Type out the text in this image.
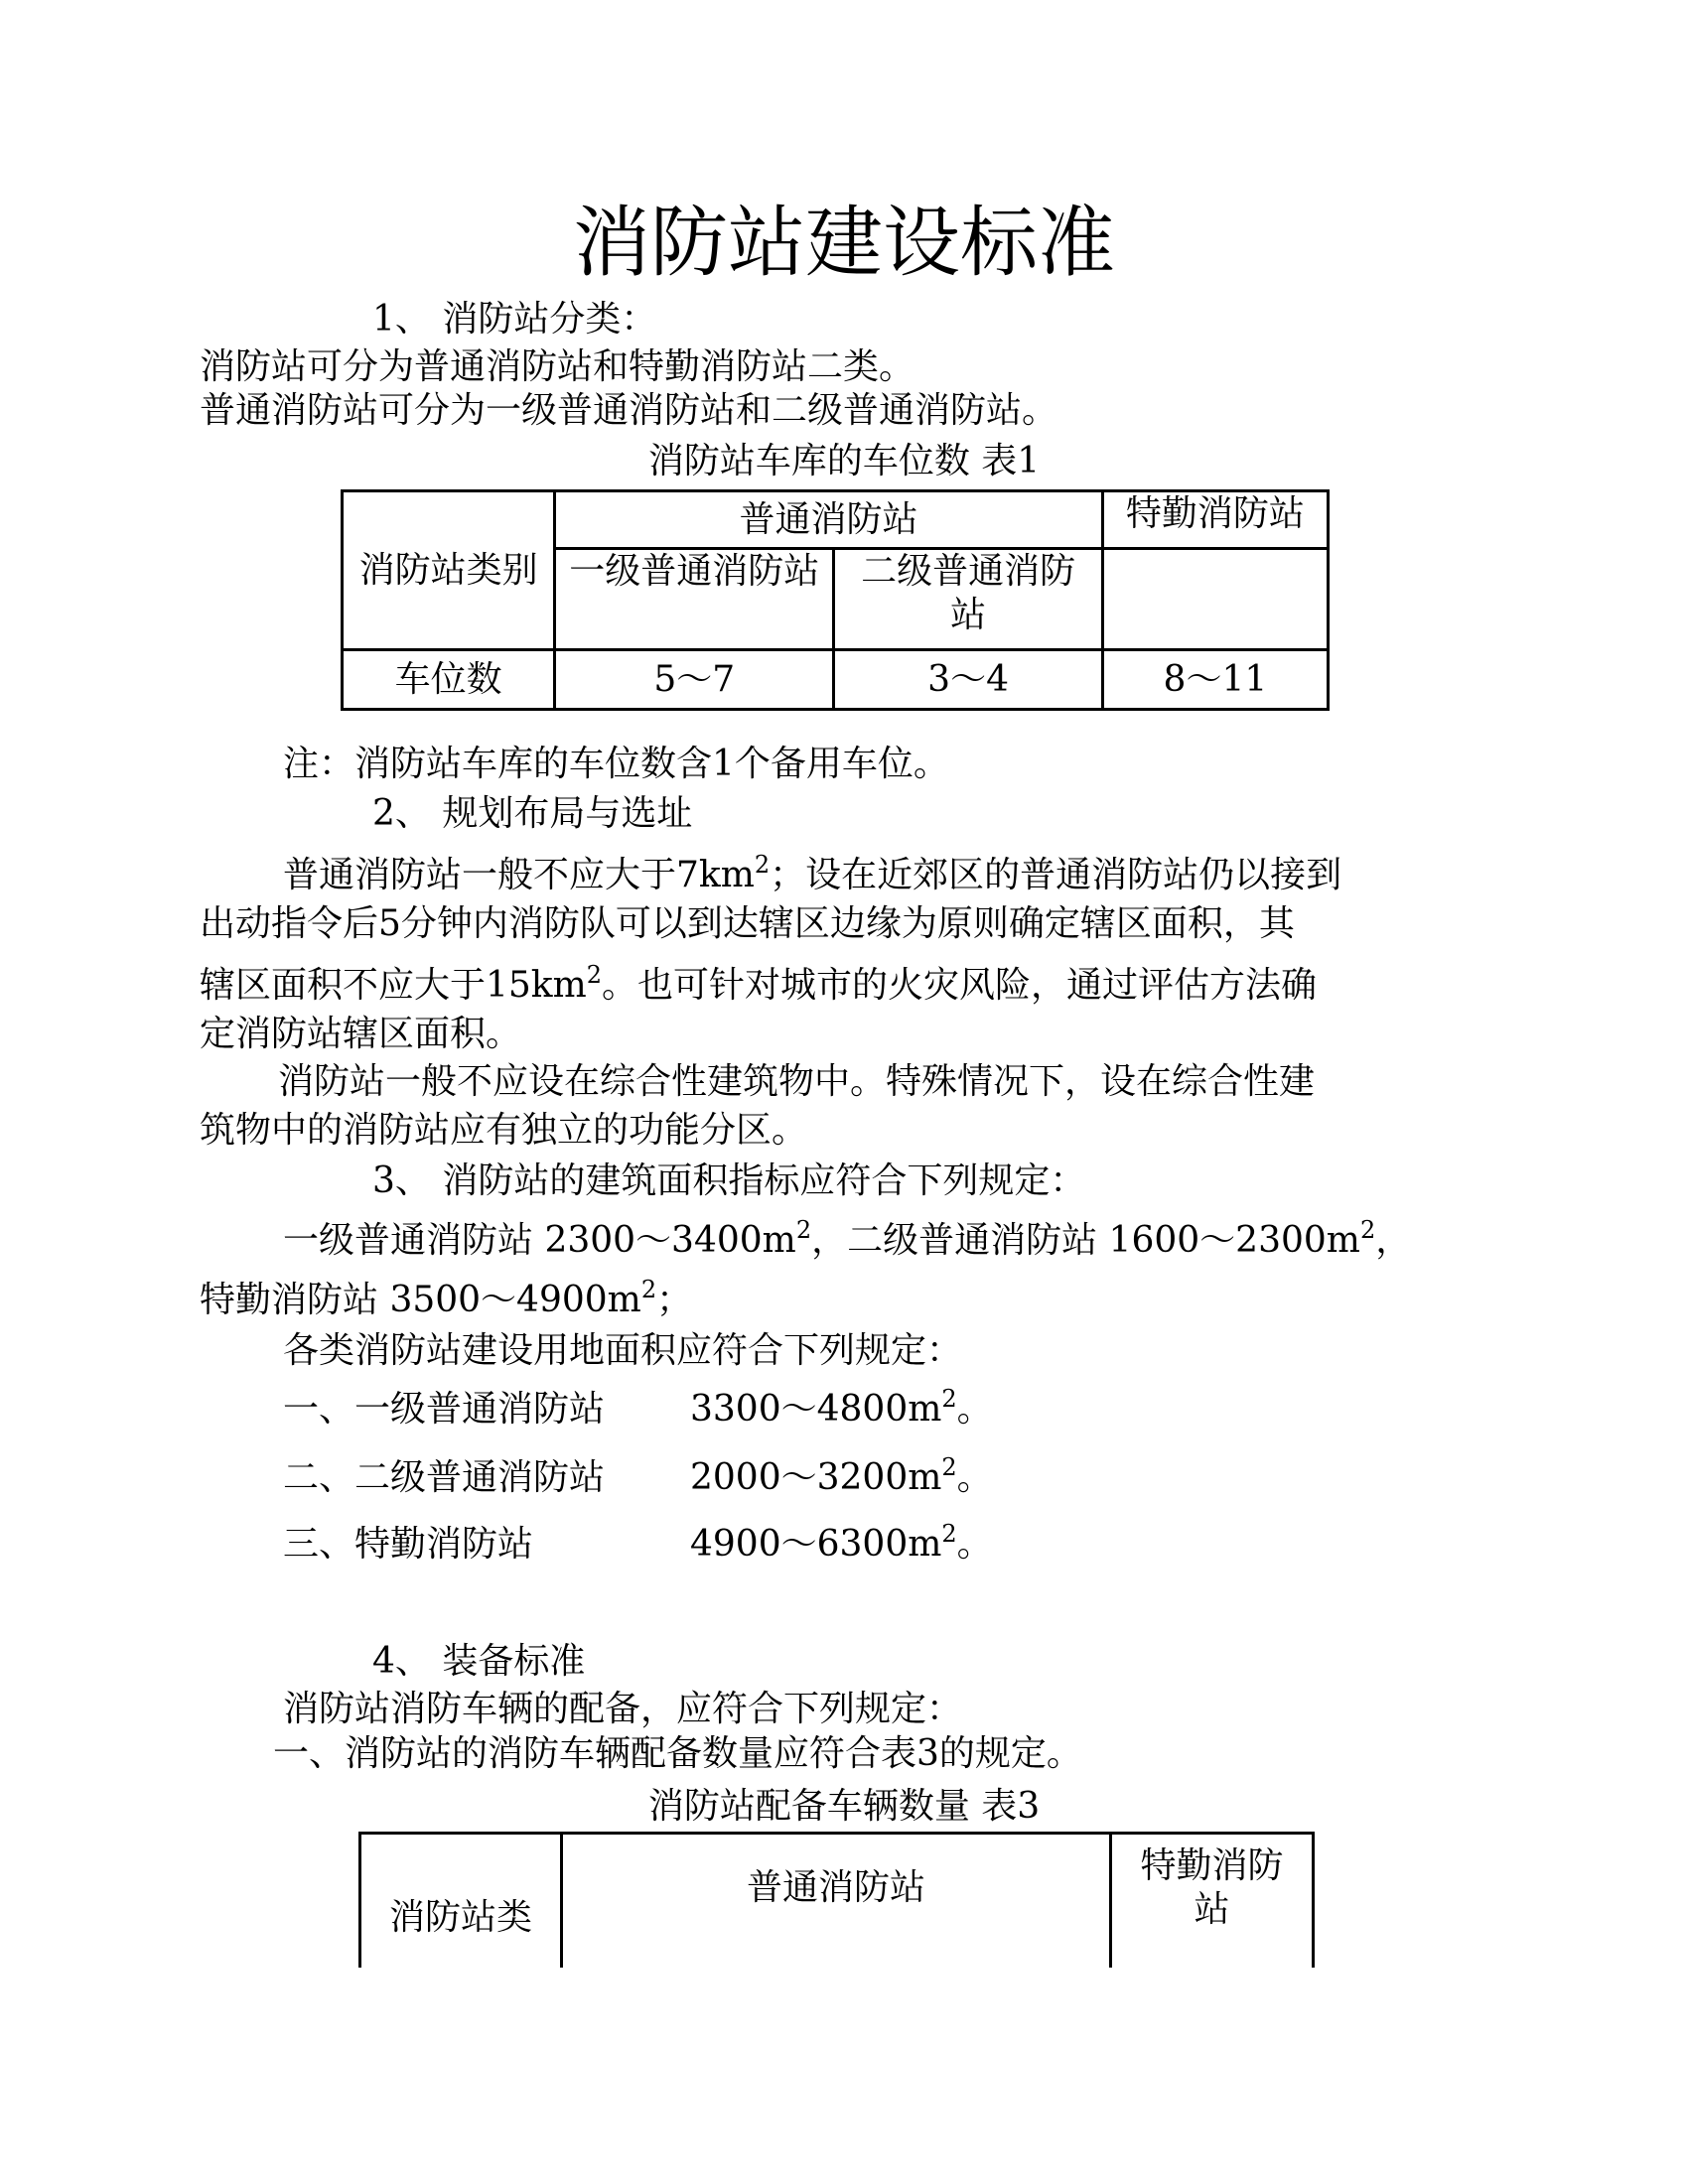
消防站建设标准
1、 消防站分类：
消防站可分为普通消防站和特勤消防站二类。
普通消防站可分为一级普通消防站和二级普通消防站。
消防站车库的车位数 表1
消防站类别	普通消防站		特勤消防站
	一级普通消防站	二级普通消防站	
车位数	5～7	3～4	8～11
注：消防站车库的车位数含1个备用车位。
2、 规划布局与选址
普通消防站一般不应大于$7km^2$；设在近郊区的普通消防站仍以接到
出动指令后5分钟内消防队可以到达辖区边缘为原则确定辖区面积，其
辖区面积不应大于$15km^2$。也可针对城市的火灾风险，通过评估方法确
定消防站辖区面积。
消防站一般不应设在综合性建筑物中。特殊情况下，设在综合性建
筑物中的消防站应有独立的功能分区。
3、 消防站的建筑面积指标应符合下列规定：
一级普通消防站 $2300\sim 3400m^2$，二级普通消防站 $1600\sim 2300m^2$，
特勤消防站 $3500\sim 4900m^2$；
各类消防站建设用地面积应符合下列规定：
一、一级普通消防站 $3300\sim 4800m^2$。
二、二级普通消防站 $2000\sim 3200m^2$。
三、特勤消防站	$4900\sim 6300m^2$。
4、 装备标准
消防站消防车辆的配备，应符合下列规定：
一、消防站的消防车辆配备数量应符合表3的规定。
消防站配备车辆数量 表3
消防站类	普通消防站	特勤消防站
